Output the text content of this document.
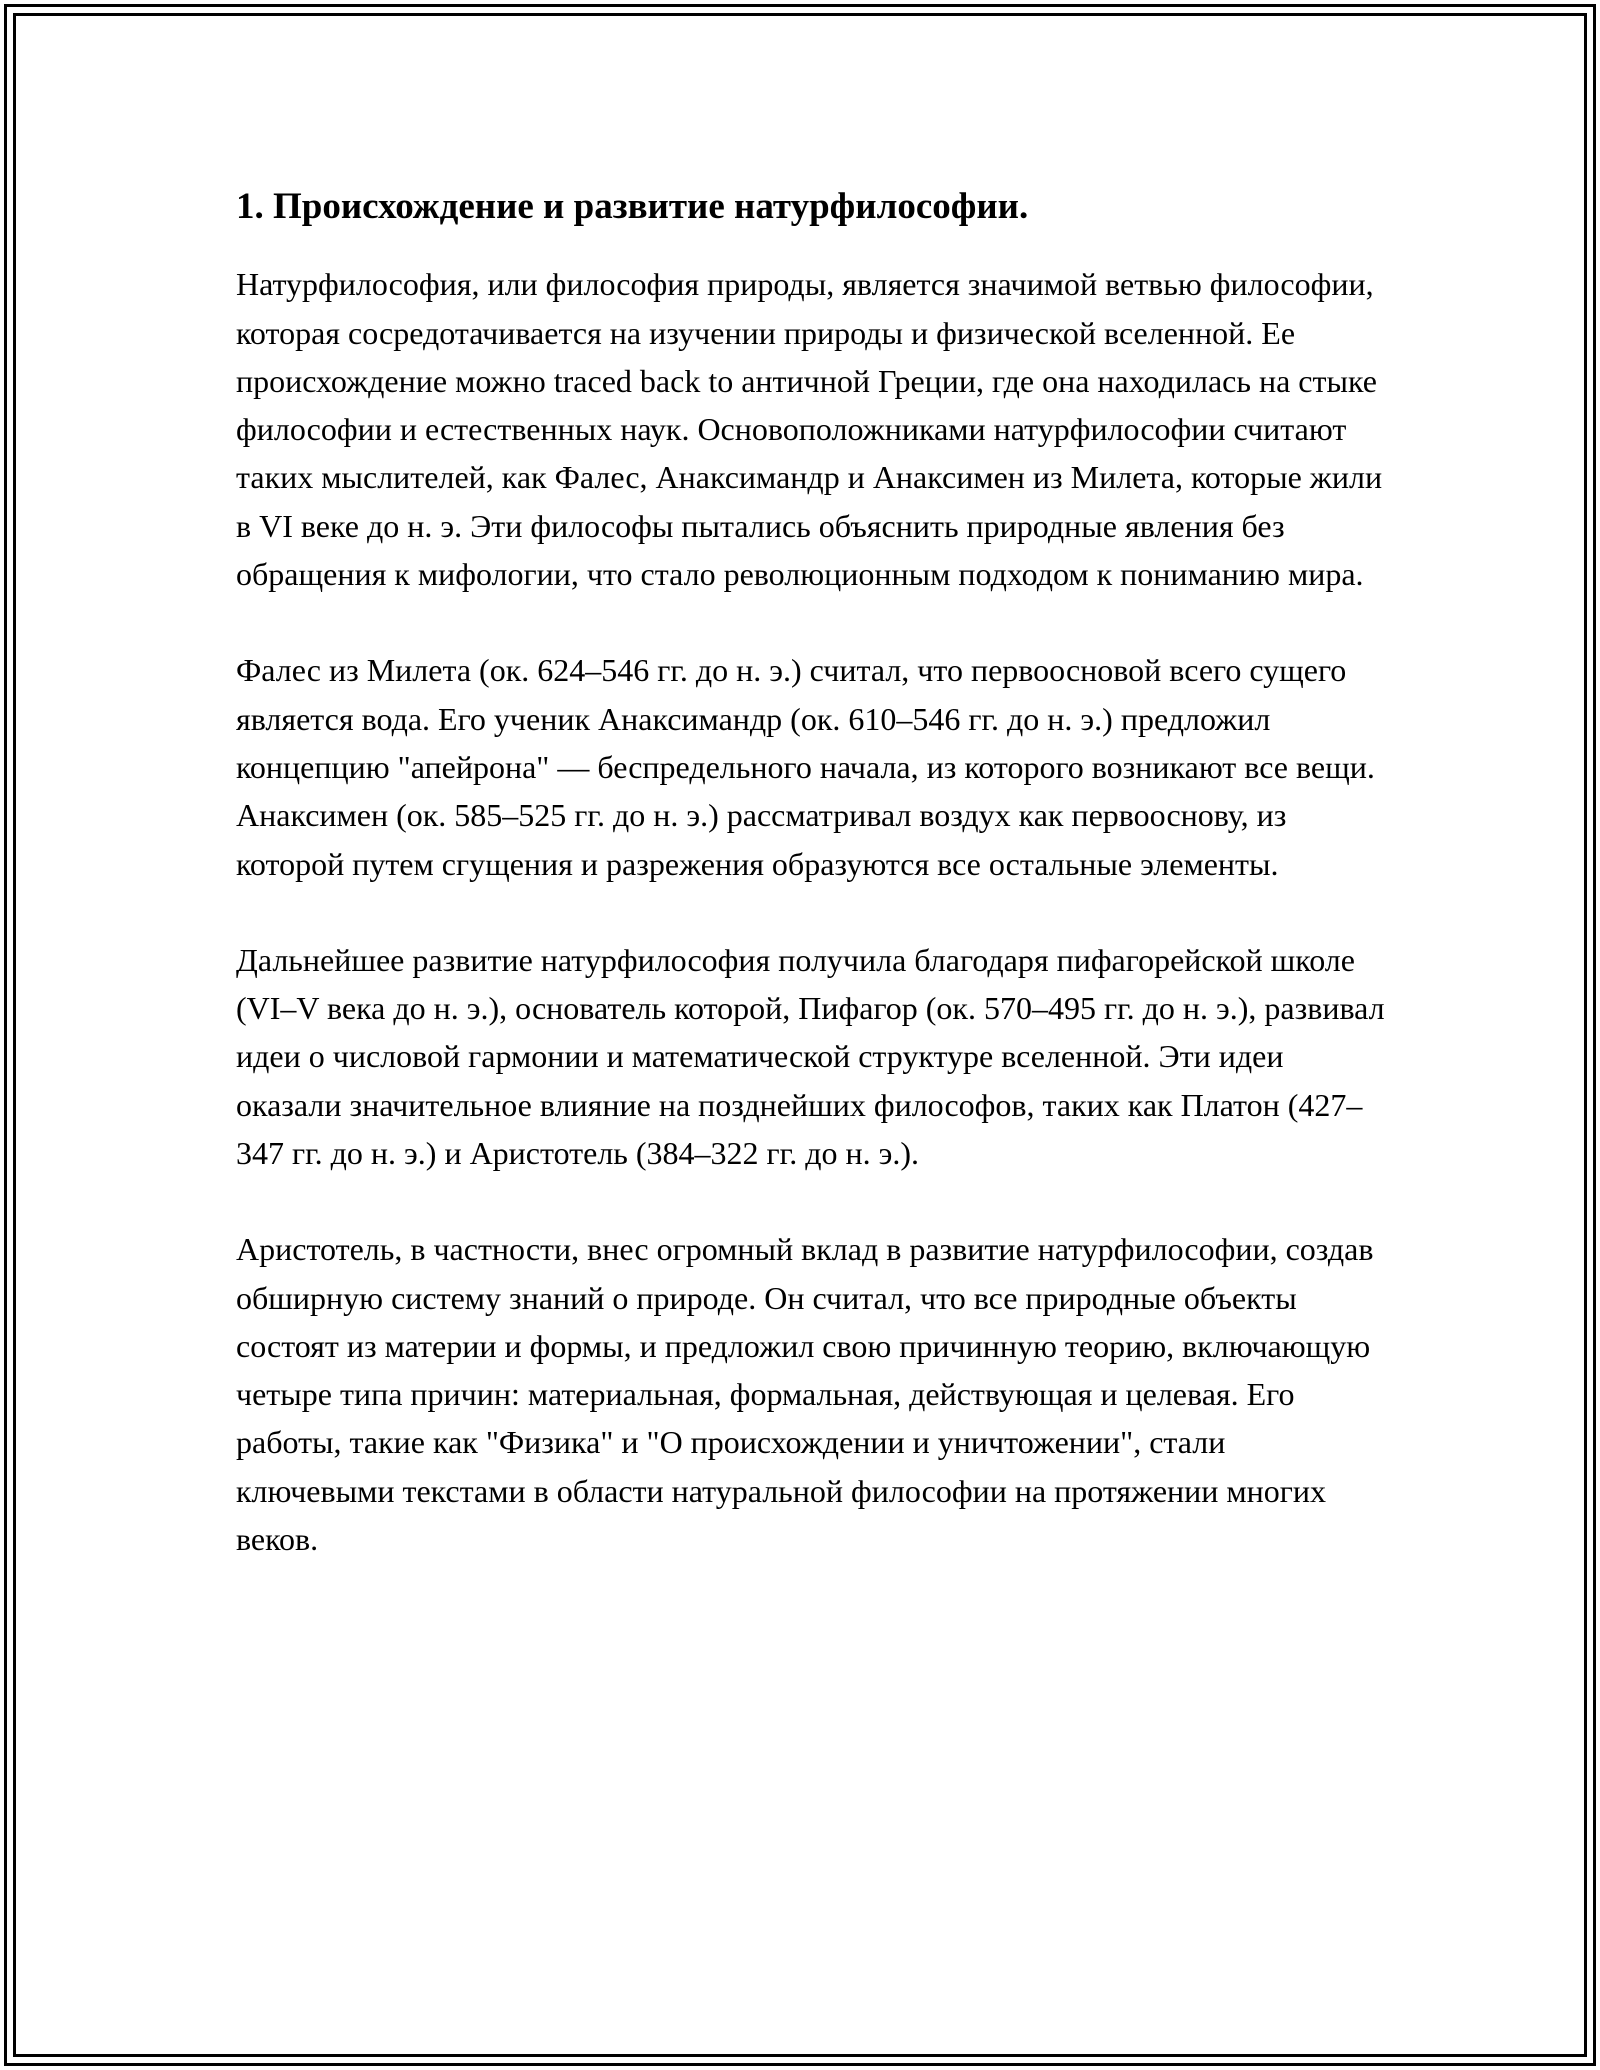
1. Происхождение и развитие натурфилософии.

Натурфилософия, или философия природы, является значимой ветвью философии, которая сосредотачивается на изучении природы и физической вселенной. Ее происхождение можно traced back to античной Греции, где она находилась на стыке философии и естественных наук. Основоположниками натурфилософии считают таких мыслителей, как Фалес, Анаксимандр и Анаксимен из Милета, которые жили в VI веке до н. э. Эти философы пытались объяснить природные явления без обращения к мифологии, что стало революционным подходом к пониманию мира.

Фалес из Милета (ок. 624–546 гг. до н. э.) считал, что первоосновой всего сущего является вода. Его ученик Анаксимандр (ок. 610–546 гг. до н. э.) предложил концепцию "апейрона" — беспредельного начала, из которого возникают все вещи. Анаксимен (ок. 585–525 гг. до н. э.) рассматривал воздух как первооснову, из которой путем сгущения и разрежения образуются все остальные элементы.

Дальнейшее развитие натурфилософия получила благодаря пифагорейской школе (VI–V века до н. э.), основатель которой, Пифагор (ок. 570–495 гг. до н. э.), развивал идеи о числовой гармонии и математической структуре вселенной. Эти идеи оказали значительное влияние на позднейших философов, таких как Платон (427–347 гг. до н. э.) и Аристотель (384–322 гг. до н. э.).

Аристотель, в частности, внес огромный вклад в развитие натурфилософии, создав обширную систему знаний о природе. Он считал, что все природные объекты состоят из материи и формы, и предложил свою причинную теорию, включающую четыре типа причин: материальная, формальная, действующая и целевая. Его работы, такие как "Физика" и "О происхождении и уничтожении", стали ключевыми текстами в области натуральной философии на протяжении многих веков.
